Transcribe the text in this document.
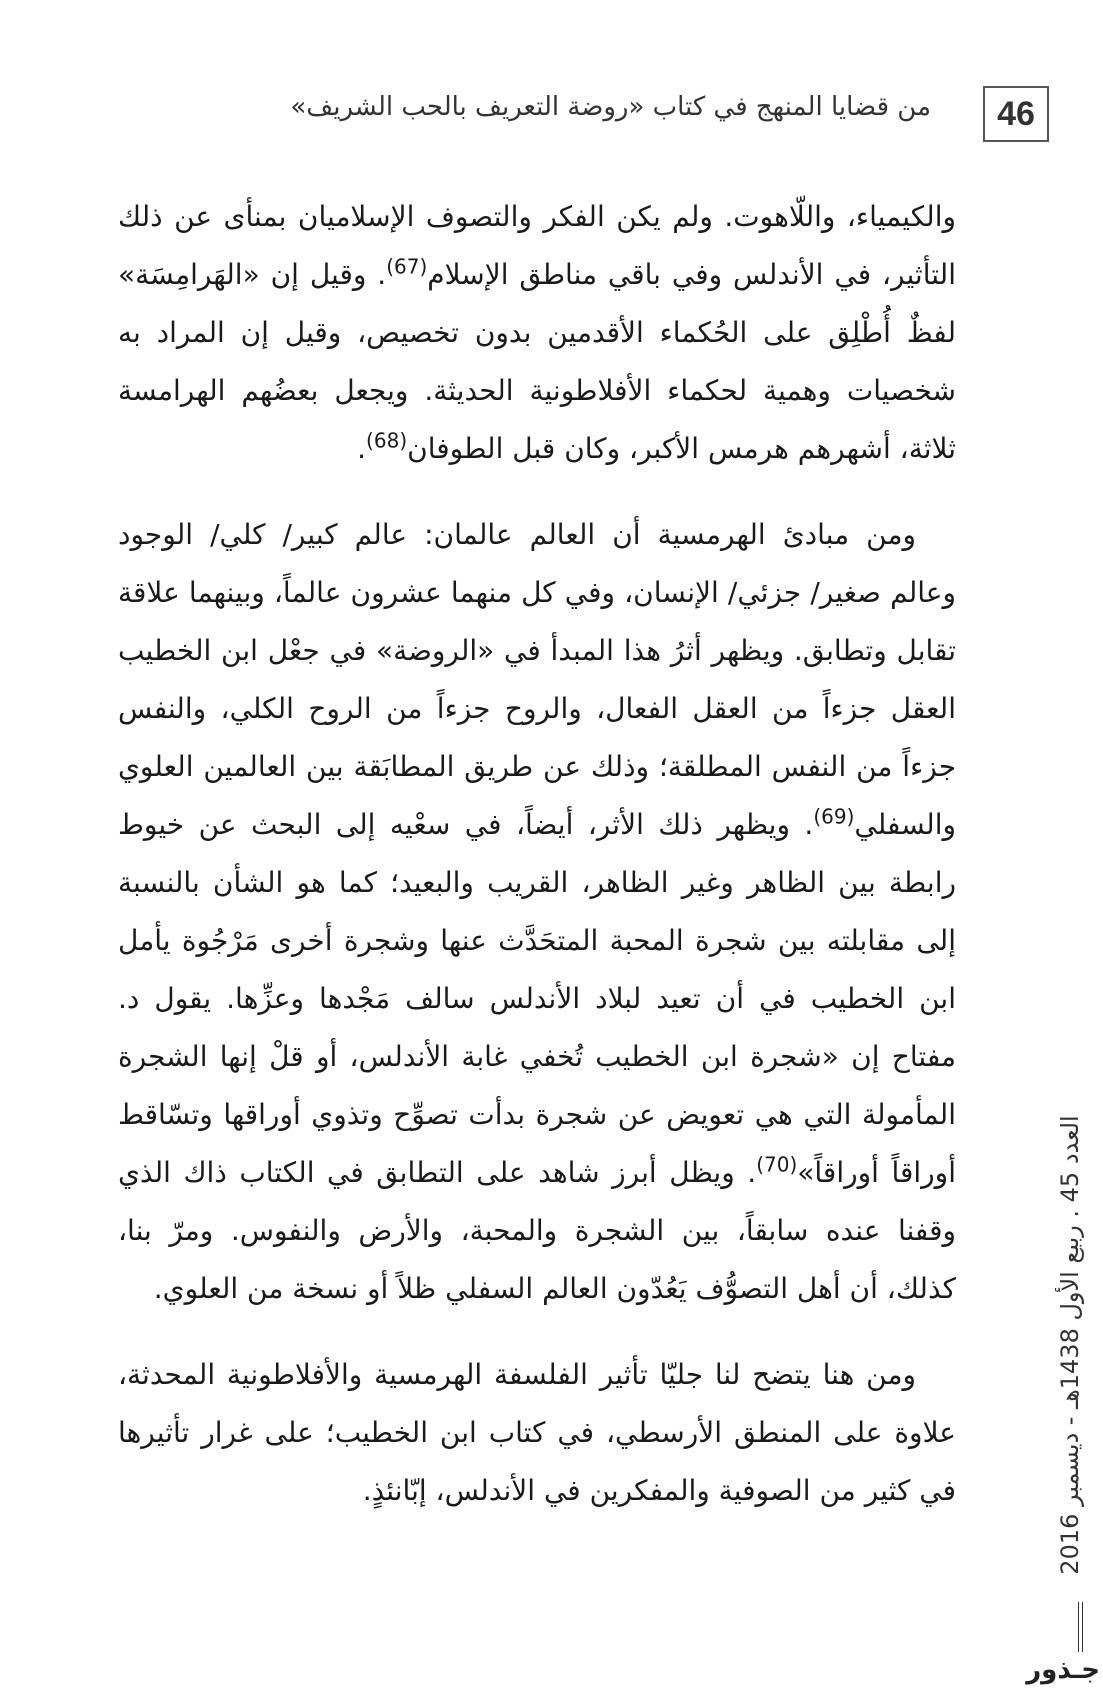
46
من قضايا المنهج في كتاب «روضة التعريف بالحب الشريف»

والكيمياء، واللّاهوت. ولم يكن الفكر والتصوف الإسلاميان بمنأى عن ذلك التأثير، في الأندلس وفي باقي مناطق الإسلام$^{(67)}$. وقيل إن «الهَرامِسَة» لفظٌ أُطْلِق على الحُكماء الأقدمين بدون تخصيص، وقيل إن المراد به شخصيات وهمية لحكماء الأفلاطونية الحديثة. ويجعل بعضُهم الهرامسة ثلاثة، أشهرهم هرمس الأكبر، وكان قبل الطوفان$^{(68)}$.

ومن مبادئ الهرمسية أن العالم عالمان: عالم كبير/ كلي/ الوجود وعالم صغير/ جزئي/ الإنسان، وفي كل منهما عشرون عالماً، وبينهما علاقة تقابل وتطابق. ويظهر أثرُ هذا المبدأ في «الروضة» في جعْل ابن الخطيب العقل جزءاً من العقل الفعال، والروح جزءاً من الروح الكلي، والنفس جزءاً من النفس المطلقة؛ وذلك عن طريق المطابَقة بين العالمين العلوي والسفلي$^{(69)}$. ويظهر ذلك الأثر، أيضاً، في سعْيه إلى البحث عن خيوط رابطة بين الظاهر وغير الظاهر، القريب والبعيد؛ كما هو الشأن بالنسبة إلى مقابلته بين شجرة المحبة المتحَدَّث عنها وشجرة أخرى مَرْجُوة يأمل ابن الخطيب في أن تعيد لبلاد الأندلس سالف مَجْدها وعزِّها. يقول د. مفتاح إن «شجرة ابن الخطيب تُخفي غابة الأندلس، أو قلْ إنها الشجرة المأمولة التي هي تعويض عن شجرة بدأت تصوِّح وتذوي أوراقها وتسّاقط أوراقاً أوراقاً»$^{(70)}$. ويظل أبرز شاهد على التطابق في الكتاب ذاك الذي وقفنا عنده سابقاً، بين الشجرة والمحبة، والأرض والنفوس. ومرّ بنا، كذلك، أن أهل التصوُّف يَعُدّون العالم السفلي ظلاً أو نسخة من العلوي.

ومن هنا يتضح لنا جليّا تأثير الفلسفة الهرمسية والأفلاطونية المحدثة، علاوة على المنطق الأرسطي، في كتاب ابن الخطيب؛ على غرار تأثيرها في كثير من الصوفية والمفكرين في الأندلس، إبّانئذٍ.

العدد 45 . ربيع الأول 1438هـ - ديسمبر 2016
جـذور
